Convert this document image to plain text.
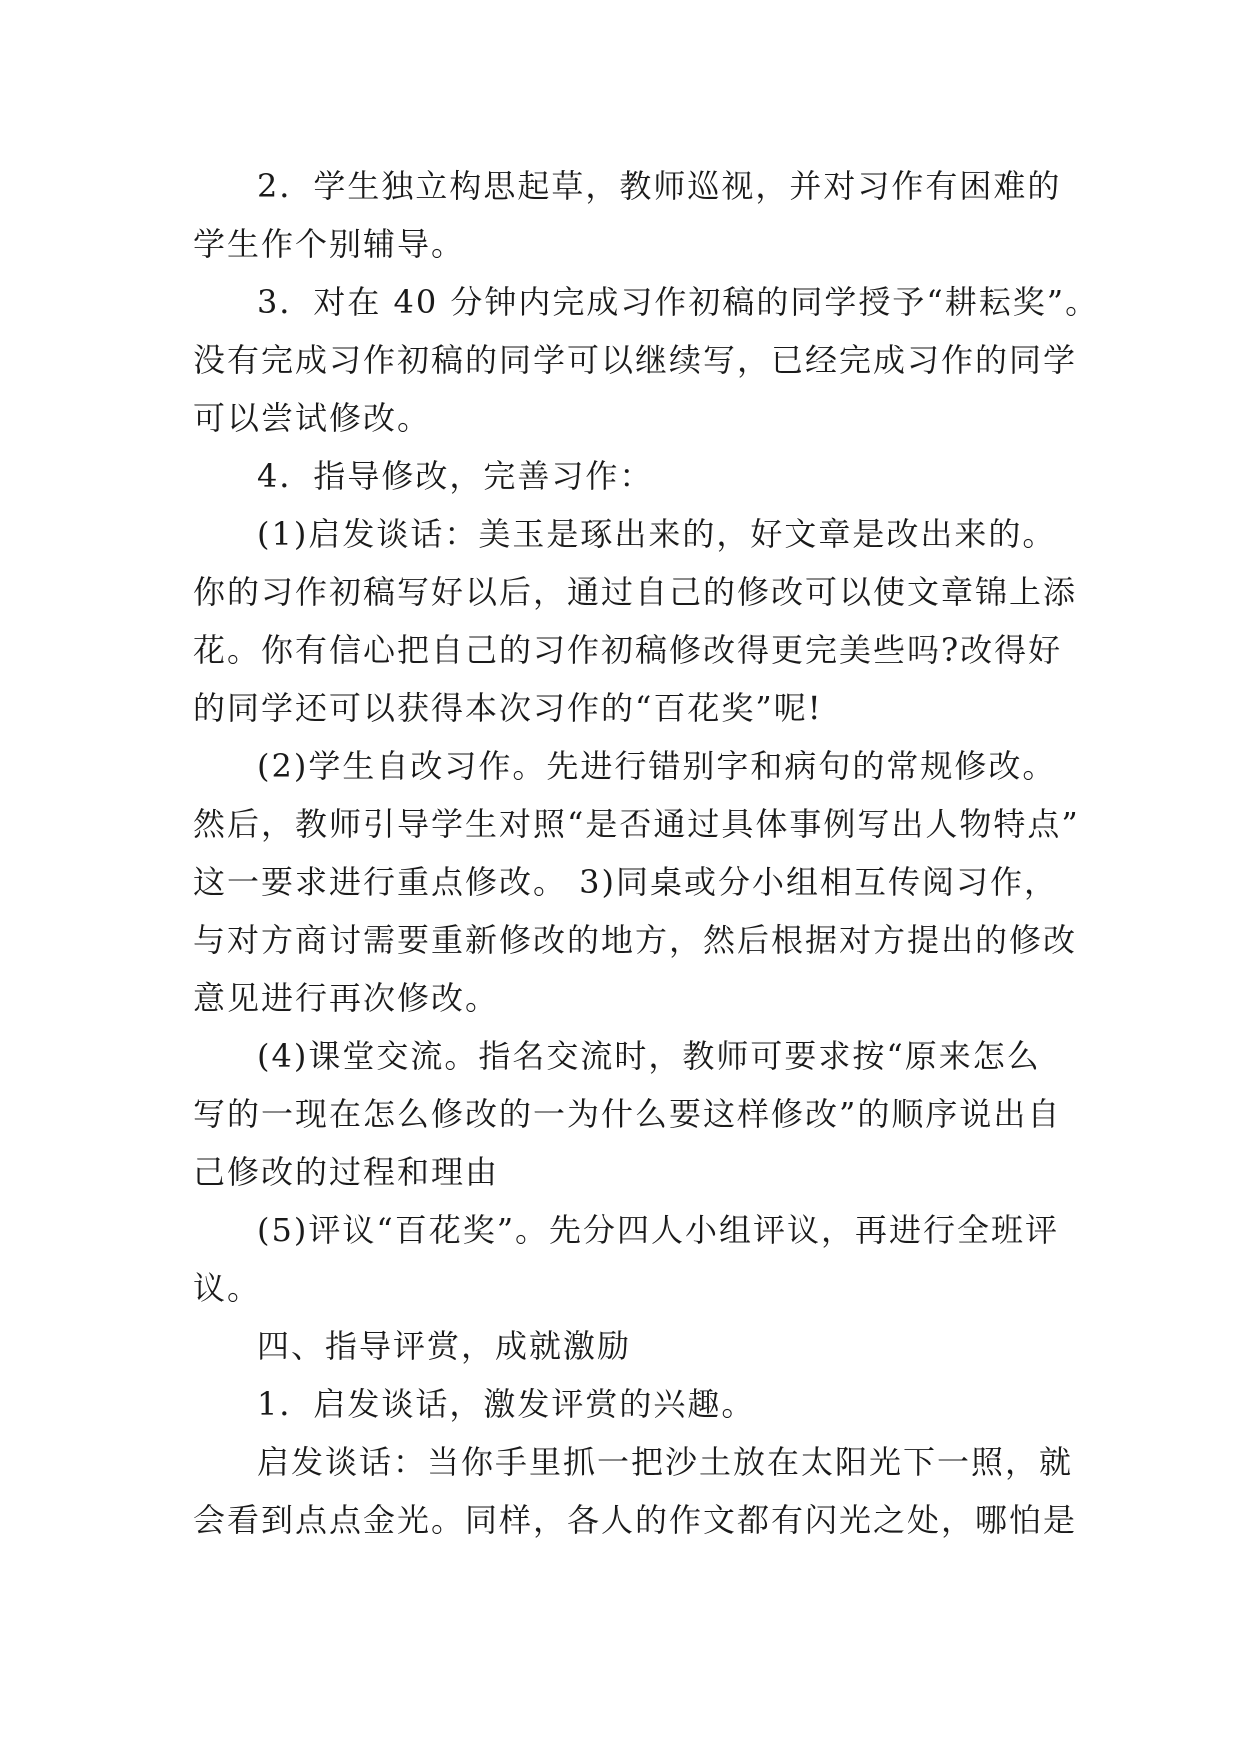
2．学生独立构思起草，教师巡视，并对习作有困难的
学生作个别辅导。
3．对在 40 分钟内完成习作初稿的同学授予“耕耘奖”。
没有完成习作初稿的同学可以继续写，已经完成习作的同学
可以尝试修改。
4．指导修改，完善习作：
(1)启发谈话：美玉是琢出来的，好文章是改出来的。
你的习作初稿写好以后，通过自己的修改可以使文章锦上添
花。你有信心把自己的习作初稿修改得更完美些吗?改得好
的同学还可以获得本次习作的“百花奖”呢!
(2)学生自改习作。先进行错别字和病句的常规修改。
然后，教师引导学生对照“是否通过具体事例写出人物特点”
这一要求进行重点修改。 3)同桌或分小组相互传阅习作，
与对方商讨需要重新修改的地方，然后根据对方提出的修改
意见进行再次修改。
(4)课堂交流。指名交流时，教师可要求按“原来怎么
写的一现在怎么修改的一为什么要这样修改”的顺序说出自
己修改的过程和理由
(5)评议“百花奖”。先分四人小组评议，再进行全班评
议。
四、指导评赏，成就激励
1．启发谈话，激发评赏的兴趣。
启发谈话：当你手里抓一把沙土放在太阳光下一照，就
会看到点点金光。同样，各人的作文都有闪光之处，哪怕是
